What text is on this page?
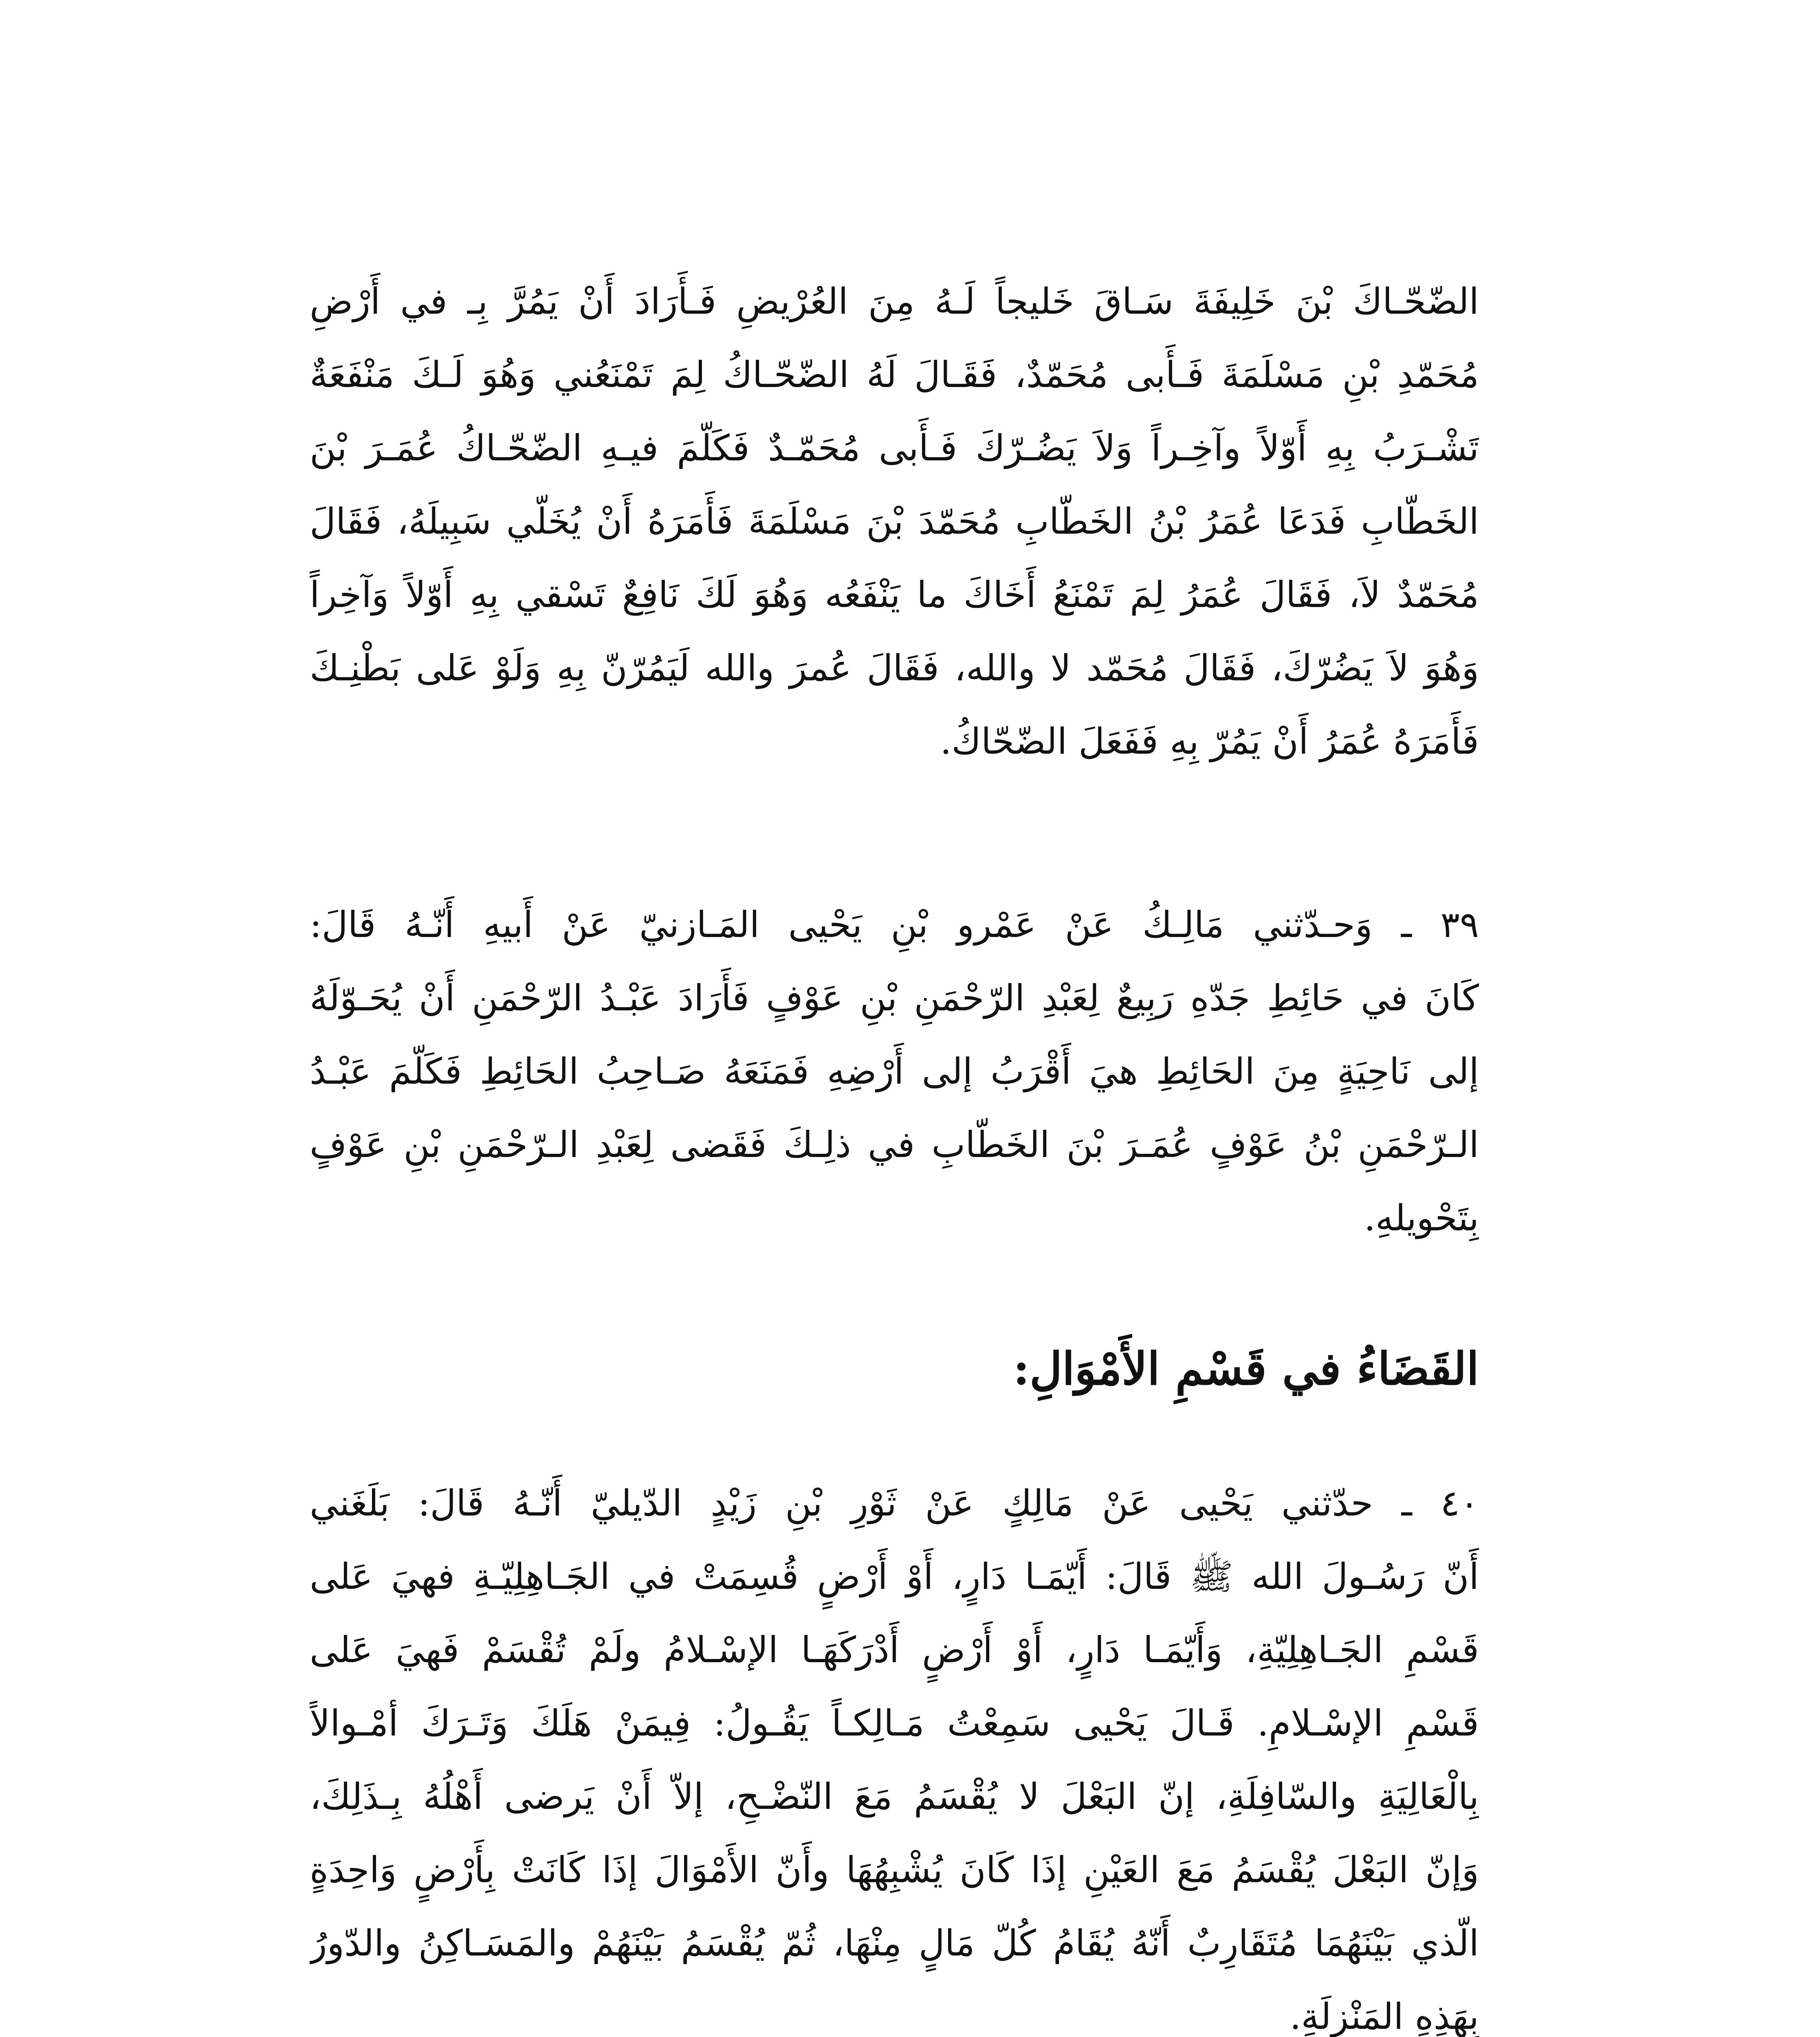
الضّحّـاكَ بْنَ خَلِيفَةَ سَـاقَ خَليجاً لَـهُ مِنَ العُرْيضِ فَـأَرَادَ أَنْ يَمُرَّ بِـ في أَرْضِ
مُحَمّدِ بْنِ مَسْلَمَةَ فَـأَبى مُحَمّدٌ، فَقَـالَ لَهُ الضّحّـاكُ لِمَ تَمْنَعُني وَهُوَ لَـكَ مَنْفَعَةٌ
تَشْـرَبُ بِهِ أَوّلاً وآخِـراً وَلاَ يَضُـرّكَ فَـأَبى مُحَمّـدٌ فَكَلّمَ فيـهِ الضّحّـاكُ عُمَـرَ بْنَ
الخَطّابِ فَدَعَا عُمَرُ بْنُ الخَطّابِ مُحَمّدَ بْنَ مَسْلَمَةَ فَأَمَرَهُ أَنْ يُخَلّي سَبِيلَهُ، فَقَالَ
مُحَمّدٌ لاَ، فَقَالَ عُمَرُ لِمَ تَمْنَعُ أَخَاكَ ما يَنْفَعُه وَهُوَ لَكَ نَافِعٌ تَسْقي بِهِ أَوّلاً وَآخِراً
وَهُوَ لاَ يَضُرّكَ، فَقَالَ مُحَمّد لا والله، فَقَالَ عُمرَ والله لَيَمُرّنّ بِهِ وَلَوْ عَلى بَطْنِـكَ
فَأَمَرَهُ عُمَرُ أَنْ يَمُرّ بِهِ فَفَعَلَ الضّحّاكُ.
٣٩ ـ وَحـدّثني مَالِـكُ عَنْ عَمْرو بْنِ يَحْيى المَـازنيّ عَنْ أَبيهِ أَنّـهُ قَالَ:
كَانَ في حَائِطِ جَدّهِ رَبِيعٌ لِعَبْدِ الرّحْمَنِ بْنِ عَوْفٍ فَأَرَادَ عَبْـدُ الرّحْمَنِ أَنْ يُحَـوّلَهُ
إلى نَاحِيَةٍ مِنَ الحَائِطِ هيَ أَقْرَبُ إلى أَرْضِهِ فَمَنَعَهُ صَـاحِبُ الحَائِطِ فَكَلّمَ عَبْـدُ
الـرّحْمَنِ بْنُ عَوْفٍ عُمَـرَ بْنَ الخَطّابِ في ذلِـكَ فَقَضى لِعَبْدِ الـرّحْمَنِ بْنِ عَوْفٍ
بِتَحْويلهِ.
القَضَاءُ في قَسْمِ الأَمْوَالِ:
٤٠ ـ حدّثني يَحْيى عَنْ مَالِكٍ عَنْ ثَوْرِ بْنِ زَيْدٍ الدّيليّ أَنّـهُ قَالَ: بَلَغَني
أَنّ رَسُـولَ الله ﷺ قَالَ: أَيّمَـا دَارٍ، أَوْ أَرْضٍ قُسِمَتْ في الجَـاهِلِيّـةِ فهيَ عَلى
قَسْمِ الجَـاهِلِيّةِ، وَأَيّمَـا دَارٍ، أَوْ أَرْضٍ أَدْرَكَهَـا الإسْـلامُ ولَمْ تُقْسَمْ فَهيَ عَلى
قَسْمِ الإسْـلامِ. قَـالَ يَحْيى سَمِعْتُ مَـالِكـاً يَقُـولُ: فِيمَنْ هَلَكَ وَتَـرَكَ أمْـوالاً
بِالْعَالِيَةِ والسّافِلَةِ، إنّ البَعْلَ لا يُقْسَمُ مَعَ النّضْـحِ، إلاّ أَنْ يَرضى أَهْلُهُ بِـذَلِكَ،
وَإنّ البَعْلَ يُقْسَمُ مَعَ العَيْنِ إذَا كَانَ يُشْبِهُهَا وأَنّ الأَمْوَالَ إذَا كَانَتْ بِأَرْضٍ وَاحِدَةٍ
الّذي بَيْنَهُمَا مُتَقَارِبٌ أَنّهُ يُقَامُ كُلّ مَالٍ مِنْهَا، ثُمّ يُقْسَمُ بَيْنَهُمْ والمَسَـاكِنُ والدّورُ
بِهَذِهِ المَنْزِلَةِ.
